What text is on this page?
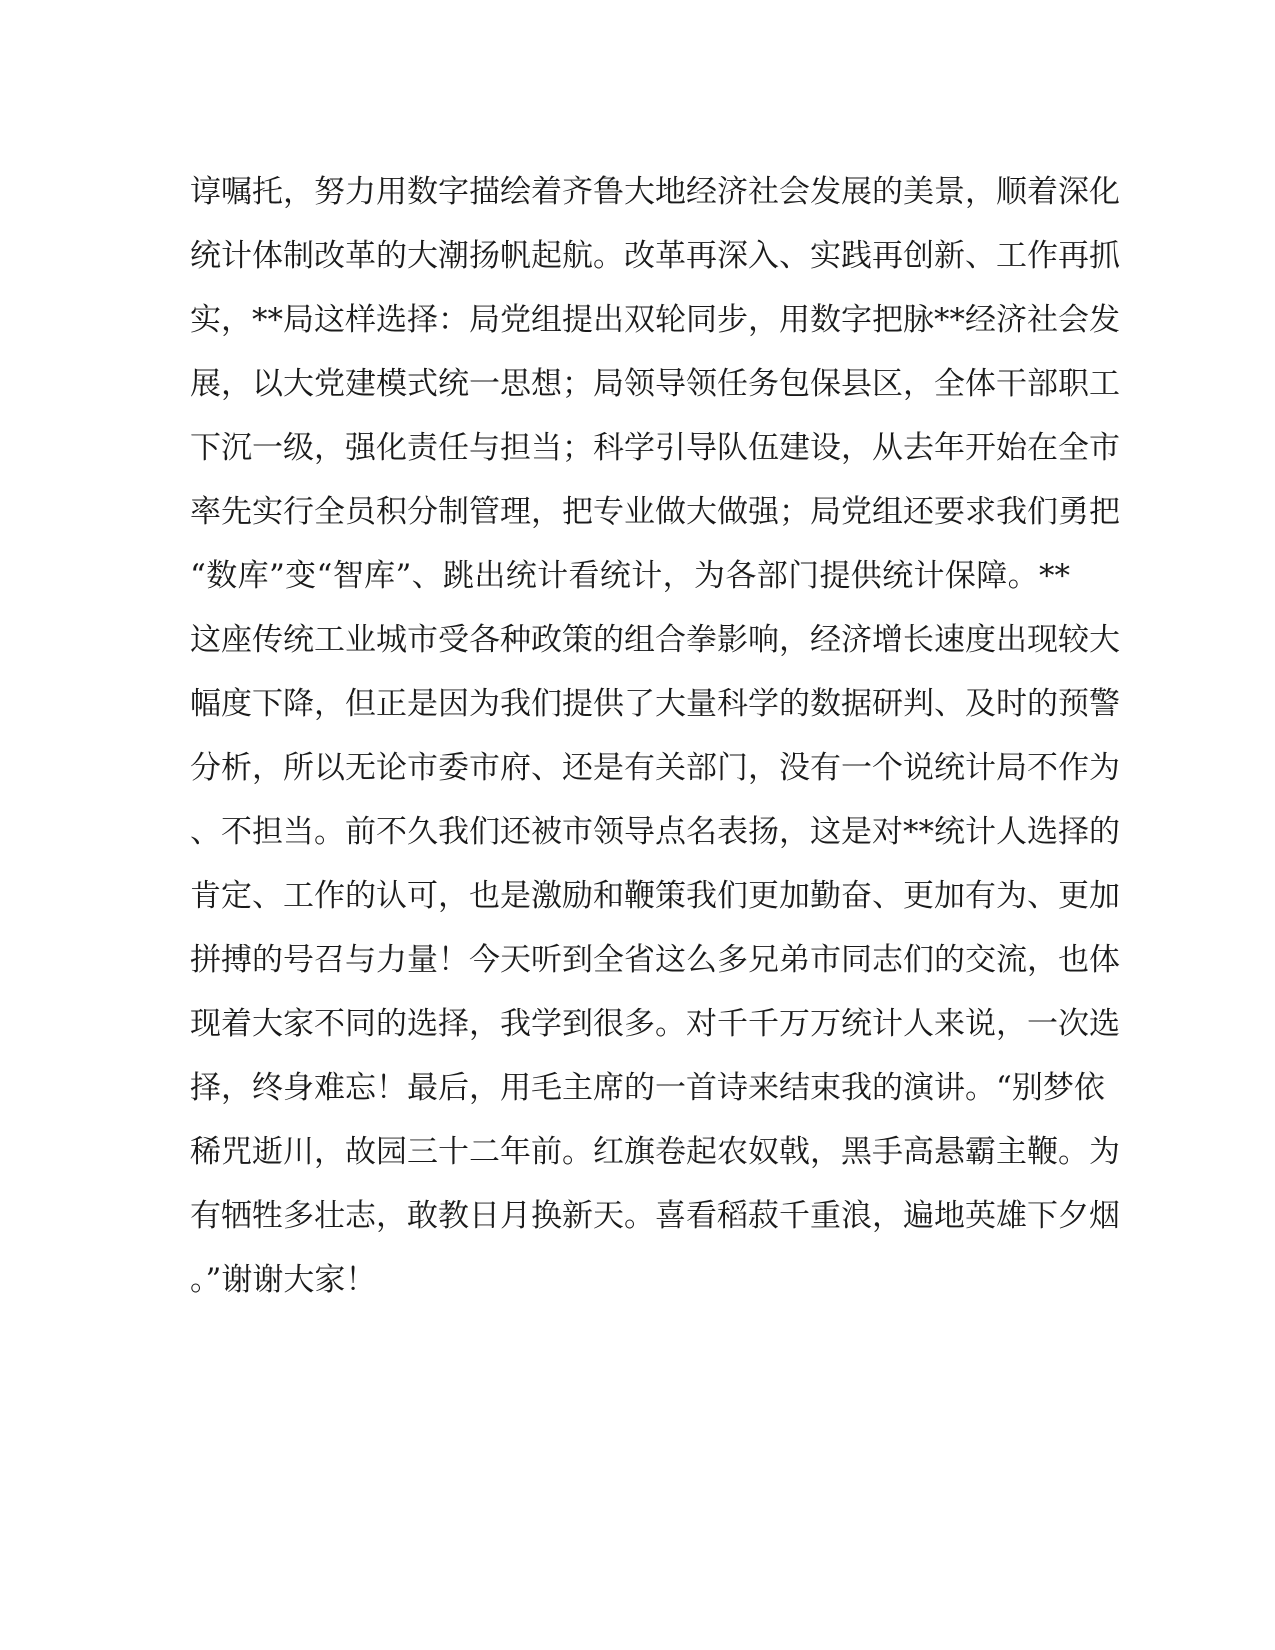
谆嘱托，努力用数字描绘着齐鲁大地经济社会发展的美景，顺着深化
统计体制改革的大潮扬帆起航。改革再深入、实践再创新、工作再抓
实，**局这样选择：局党组提出双轮同步，用数字把脉**经济社会发
展，以大党建模式统一思想；局领导领任务包保县区，全体干部职工
下沉一级，强化责任与担当；科学引导队伍建设，从去年开始在全市
率先实行全员积分制管理，把专业做大做强；局党组还要求我们勇把
“数库”变“智库”、跳出统计看统计，为各部门提供统计保障。**
这座传统工业城市受各种政策的组合拳影响，经济增长速度出现较大
幅度下降，但正是因为我们提供了大量科学的数据研判、及时的预警
分析，所以无论市委市府、还是有关部门，没有一个说统计局不作为
、不担当。前不久我们还被市领导点名表扬，这是对**统计人选择的
肯定、工作的认可，也是激励和鞭策我们更加勤奋、更加有为、更加
拼搏的号召与力量！今天听到全省这么多兄弟市同志们的交流，也体
现着大家不同的选择，我学到很多。对千千万万统计人来说，一次选
择，终身难忘！最后，用毛主席的一首诗来结束我的演讲。“别梦依
稀咒逝川，故园三十二年前。红旗卷起农奴戟，黑手高悬霸主鞭。为
有牺牲多壮志，敢教日月换新天。喜看稻菽千重浪，遍地英雄下夕烟
。”谢谢大家！
